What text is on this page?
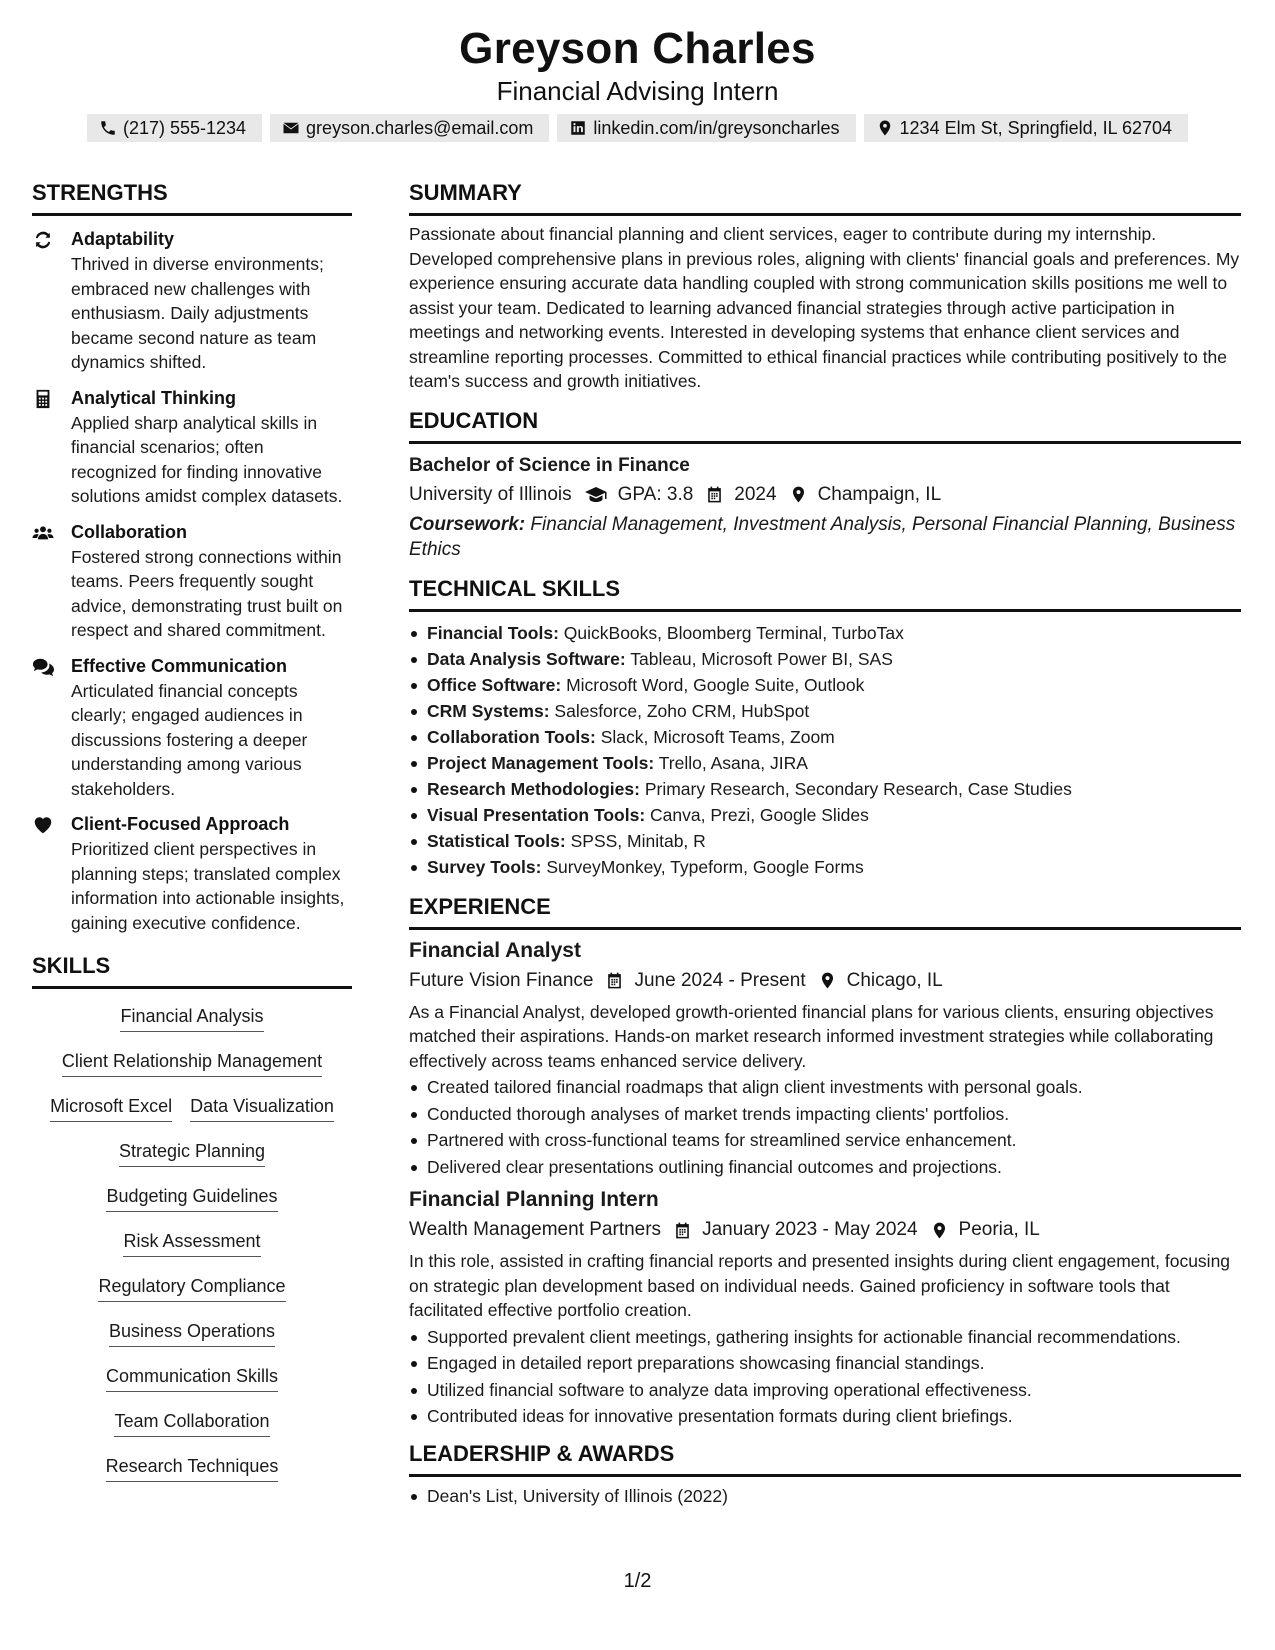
Greyson Charles
Financial Advising Intern
(217) 555-1234	greyson.charles@email.com	linkedin.com/in/greysoncharles	1234 Elm St, Springfield, IL 62704
STRENGTHS
Adaptability
Thrived in diverse environments; embraced new challenges with enthusiasm. Daily adjustments became second nature as team dynamics shifted.
Analytical Thinking
Applied sharp analytical skills in financial scenarios; often recognized for finding innovative solutions amidst complex datasets.
Collaboration
Fostered strong connections within teams. Peers frequently sought advice, demonstrating trust built on respect and shared commitment.
Effective Communication
Articulated financial concepts clearly; engaged audiences in discussions fostering a deeper understanding among various stakeholders.
Client-Focused Approach
Prioritized client perspectives in planning steps; translated complex information into actionable insights, gaining executive confidence.
SKILLS
Financial Analysis
Client Relationship Management
Microsoft Excel Data Visualization
Strategic Planning
Budgeting Guidelines
Risk Assessment
Regulatory Compliance
Business Operations
Communication Skills
Team Collaboration
Research Techniques
SUMMARY
Passionate about financial planning and client services, eager to contribute during my internship. Developed comprehensive plans in previous roles, aligning with clients' financial goals and preferences. My experience ensuring accurate data handling coupled with strong communication skills positions me well to assist your team. Dedicated to learning advanced financial strategies through active participation in meetings and networking events. Interested in developing systems that enhance client services and streamline reporting processes. Committed to ethical financial practices while contributing positively to the team's success and growth initiatives.
EDUCATION
Bachelor of Science in Finance
University of Illinois GPA: 3.8 2024 Champaign, IL
Coursework: Financial Management, Investment Analysis, Personal Financial Planning, Business Ethics
TECHNICAL SKILLS
Financial Tools: QuickBooks, Bloomberg Terminal, TurboTax
Data Analysis Software: Tableau, Microsoft Power BI, SAS
Office Software: Microsoft Word, Google Suite, Outlook
CRM Systems: Salesforce, Zoho CRM, HubSpot
Collaboration Tools: Slack, Microsoft Teams, Zoom
Project Management Tools: Trello, Asana, JIRA
Research Methodologies: Primary Research, Secondary Research, Case Studies
Visual Presentation Tools: Canva, Prezi, Google Slides
Statistical Tools: SPSS, Minitab, R
Survey Tools: SurveyMonkey, Typeform, Google Forms
EXPERIENCE
Financial Analyst
Future Vision Finance June 2024 - Present Chicago, IL
As a Financial Analyst, developed growth-oriented financial plans for various clients, ensuring objectives matched their aspirations. Hands-on market research informed investment strategies while collaborating effectively across teams enhanced service delivery.
Created tailored financial roadmaps that align client investments with personal goals.
Conducted thorough analyses of market trends impacting clients' portfolios.
Partnered with cross-functional teams for streamlined service enhancement.
Delivered clear presentations outlining financial outcomes and projections.
Financial Planning Intern
Wealth Management Partners January 2023 - May 2024 Peoria, IL
In this role, assisted in crafting financial reports and presented insights during client engagement, focusing on strategic plan development based on individual needs. Gained proficiency in software tools that facilitated effective portfolio creation.
Supported prevalent client meetings, gathering insights for actionable financial recommendations.
Engaged in detailed report preparations showcasing financial standings.
Utilized financial software to analyze data improving operational effectiveness.
Contributed ideas for innovative presentation formats during client briefings.
LEADERSHIP & AWARDS
Dean's List, University of Illinois (2022)
1/2
